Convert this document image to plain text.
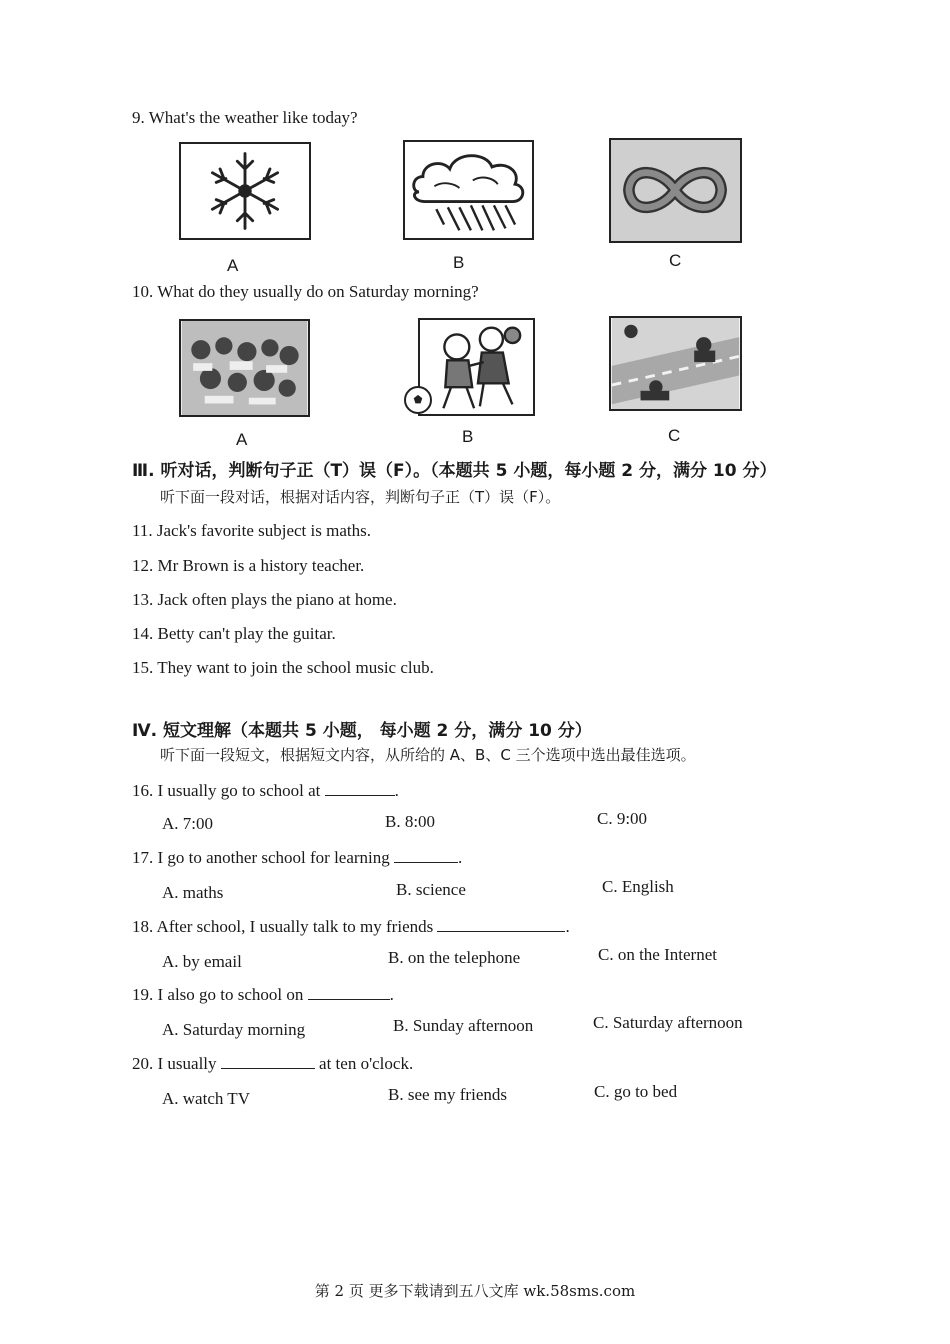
9. What's the weather like today?
A	B	C
10. What do they usually do on Saturday morning?
A	B	C
Ⅲ. 听对话，判断句子正（T）误（F）。（本题共 5 小题，每小题 2 分，满分 10 分）
听下面一段对话，根据对话内容，判断句子正（T）误（F）。
11. Jack's favorite subject is maths.
12. Mr Brown is a history teacher.
13. Jack often plays the piano at home.
14. Betty can't play the guitar.
15. They want to join the school music club.
Ⅳ. 短文理解（本题共 5 小题， 每小题 2 分，满分 10 分）
听下面一段短文，根据短文内容，从所给的 A、B、C 三个选项中选出最佳选项。
16. I usually go to school at	.
A. 7:00	B. 8:00	C. 9:00
17. I go to another school for learning	.
A. maths	B. science	C. English
18. After school, I usually talk to my friends	.
A. by email	B. on the telephone	C. on the Internet
19. I also go to school on	.
A. Saturday morning	B. Sunday afternoon	C. Saturday afternoon
20. I usually	at ten o'clock.
A. watch TV	B. see my friends	C. go to bed
第 2 页 更多下载请到五八文库 wk.58sms.com
